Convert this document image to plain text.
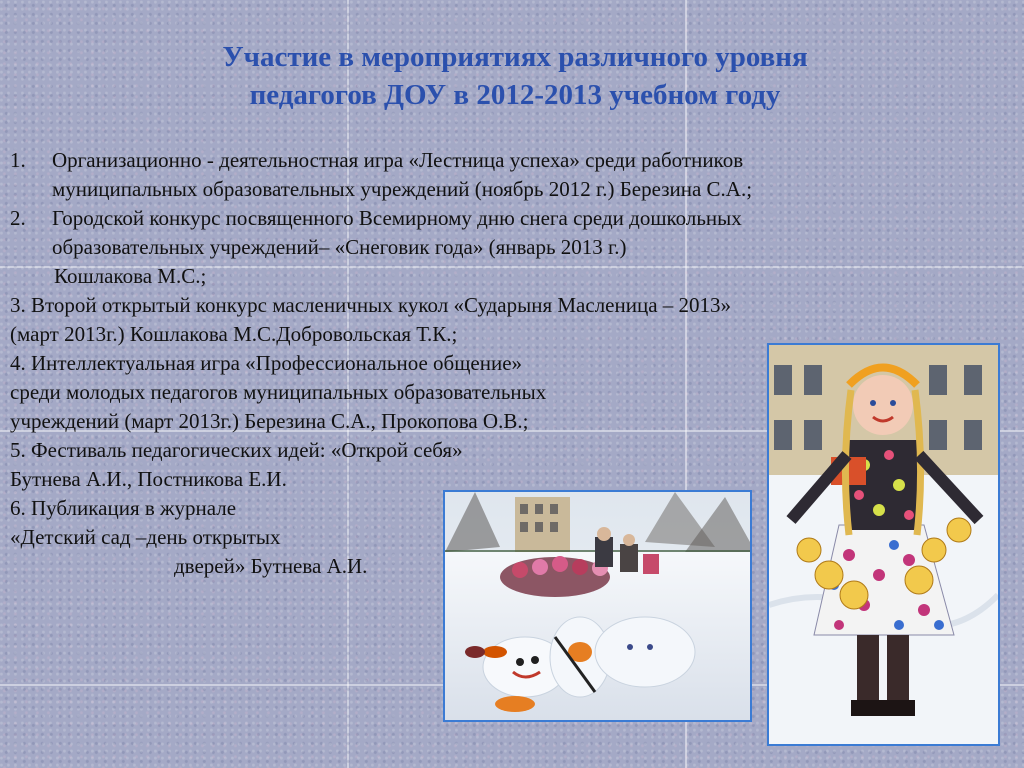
Участие в мероприятиях различного уровня
педагогов ДОУ в 2012-2013 учебном году
1. Организационно - деятельностная игра «Лестница успеха» среди работников
муниципальных образовательных учреждений (ноябрь 2012 г.) Березина С.А.;
2. Городской конкурс посвященного Всемирному дню снега среди дошкольных
образовательных учреждений– «Снеговик года» (январь 2013 г.)
Кошлакова М.С.;
3. Второй открытый конкурс масленичных кукол «Сударыня Масленица – 2013»
(март 2013г.) Кошлакова М.С.Добровольская Т.К.;
4. Интеллектуальная игра «Профессиональное общение»
среди молодых педагогов муниципальных образовательных
учреждений (март 2013г.) Березина С.А., Прокопова О.В.;
5. Фестиваль педагогических идей: «Открой себя»
Бутнева А.И., Постникова Е.И.
6. Публикация в журнале
«Детский сад –день открытых
дверей» Бутнева А.И.
